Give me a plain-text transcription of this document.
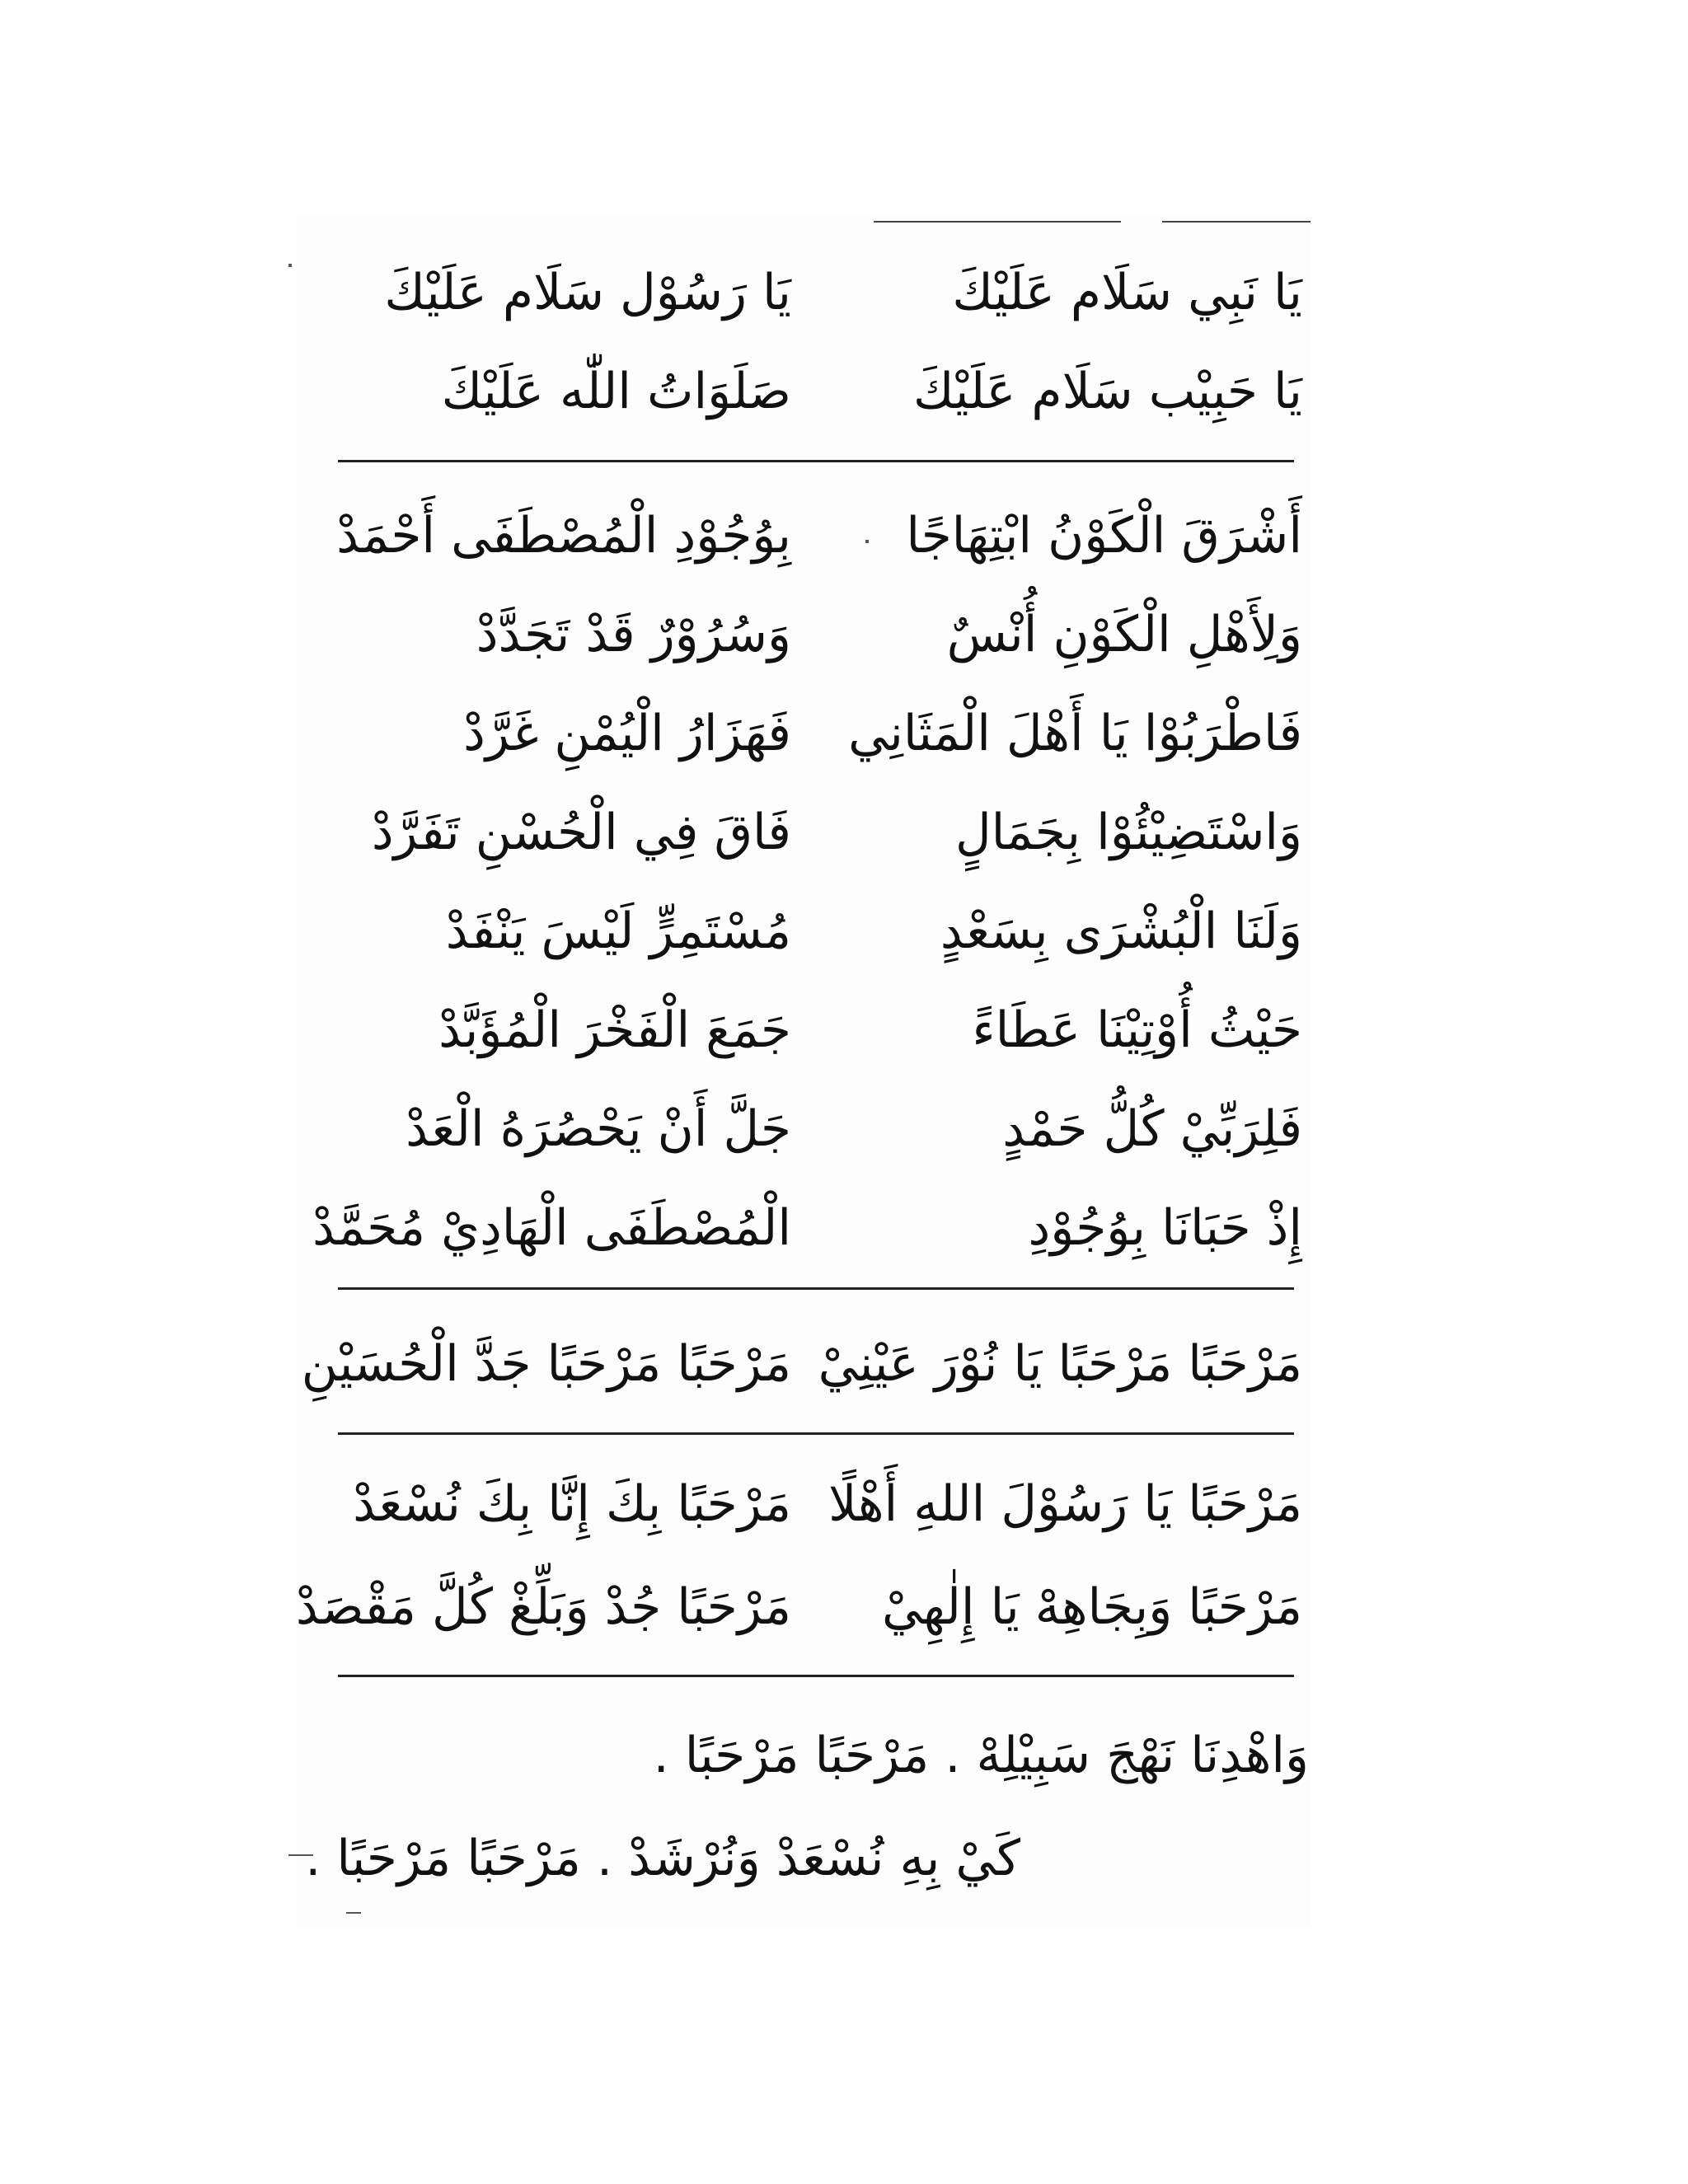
يَا نَبِي سَلَام عَلَيْكَ
يَا رَسُوْل سَلَام عَلَيْكَ
يَا حَبِيْب سَلَام عَلَيْكَ
صَلَوَاتُ اللّٰه عَلَيْكَ
أَشْرَقَ الْكَوْنُ ابْتِهَاجًا
بِوُجُوْدِ الْمُصْطَفَى أَحْمَدْ
وَلِأَهْلِ الْكَوْنِ أُنْسٌ
وَسُرُوْرٌ قَدْ تَجَدَّدْ
فَاطْرَبُوْا يَا أَهْلَ الْمَثَانِي
فَهَزَارُ الْيُمْنِ غَرَّدْ
وَاسْتَضِيْئُوْا بِجَمَالٍ
فَاقَ فِي الْحُسْنِ تَفَرَّدْ
وَلَنَا الْبُشْرَى بِسَعْدٍ
مُسْتَمِرٍّ لَيْسَ يَنْفَدْ
حَيْثُ أُوْتِيْنَا عَطَاءً
جَمَعَ الْفَخْرَ الْمُؤَبَّدْ
فَلِرَبِّيْ كُلُّ حَمْدٍ
جَلَّ أَنْ يَحْصُرَهُ الْعَدْ
إِذْ حَبَانَا بِوُجُوْدِ
الْمُصْطَفَى الْهَادِيْ مُحَمَّدْ
مَرْحَبًا مَرْحَبًا يَا نُوْرَ عَيْنِيْ
مَرْحَبًا مَرْحَبًا جَدَّ الْحُسَيْنِ
مَرْحَبًا يَا رَسُوْلَ اللهِ أَهْلًا
مَرْحَبًا بِكَ إِنَّا بِكَ نُسْعَدْ
مَرْحَبًا وَبِجَاهِهْ يَا إِلٰهِيْ
مَرْحَبًا جُدْ وَبَلِّغْ كُلَّ مَقْصَدْ
وَاهْدِنَا نَهْجَ سَبِيْلِهْ . مَرْحَبًا مَرْحَبًا .
كَيْ بِهِ نُسْعَدْ وَنُرْشَدْ . مَرْحَبًا مَرْحَبًا .
